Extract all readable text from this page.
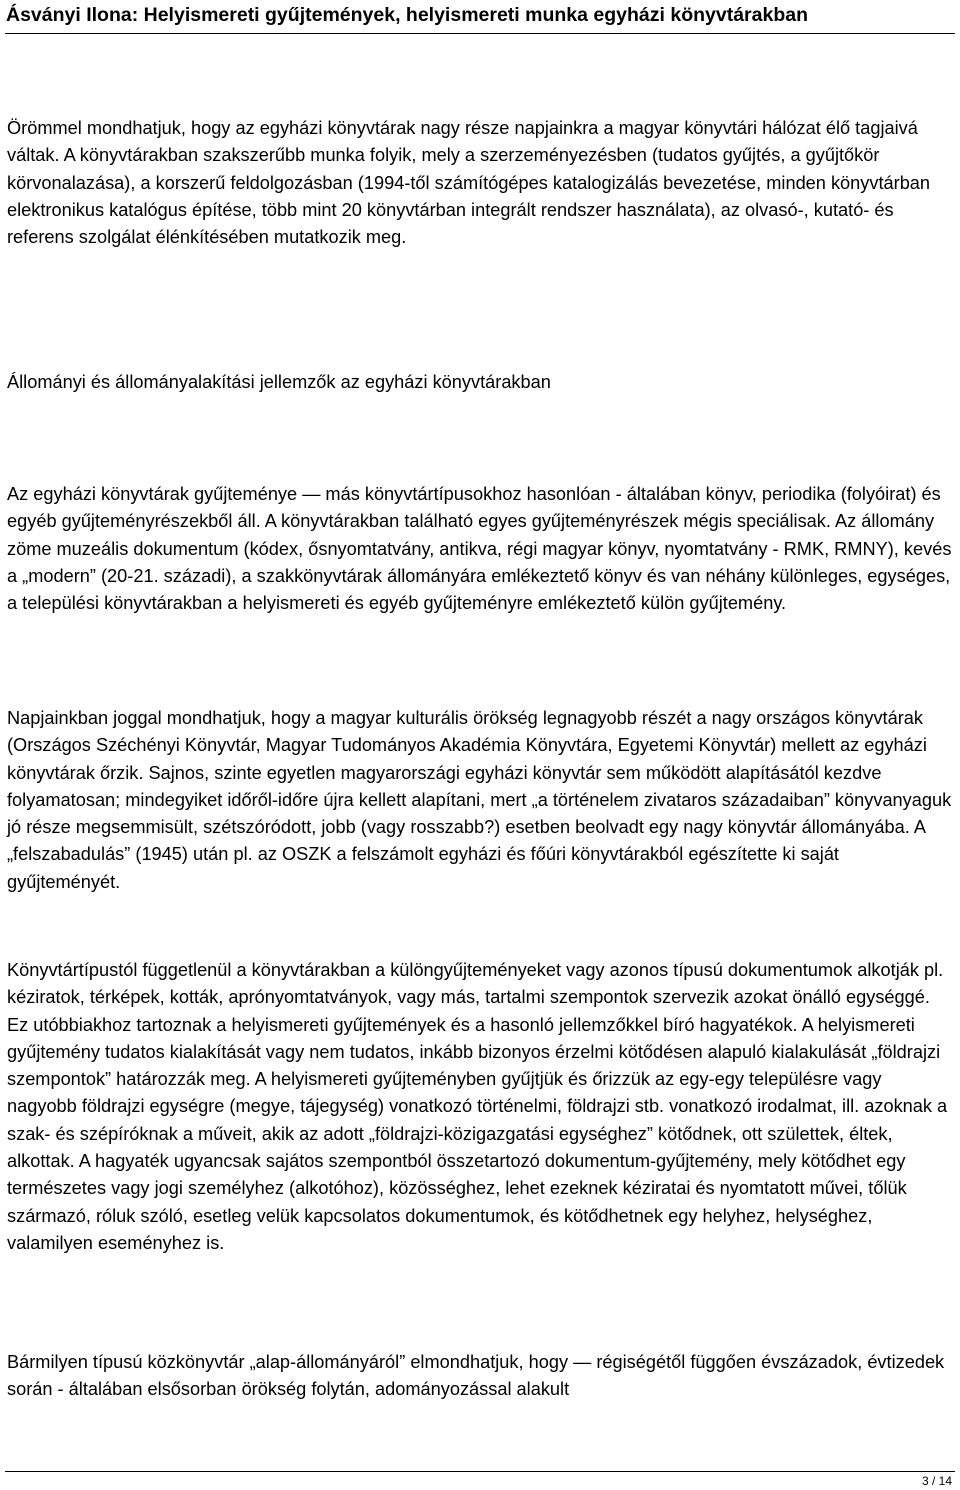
Ásványi Ilona: Helyismereti gyűjtemények, helyismereti munka egyházi könyvtárakban

Örömmel mondhatjuk, hogy az egyházi könyvtárak nagy része napjainkra a magyar könyvtári hálózat élő tagjaivá váltak. A könyvtárakban szakszerűbb munka folyik, mely a szerzeményezésben (tudatos gyűjtés, a gyűjtőkör körvonalazása), a korszerű feldolgozásban (1994-től számítógépes katalogizálás bevezetése, minden könyvtárban elektronikus katalógus építése, több mint 20 könyvtárban integrált rendszer használata), az olvasó-, kutató- és referens szolgálat élénkítésében mutatkozik meg.

Állományi és állományalakítási jellemzők az egyházi könyvtárakban

Az egyházi könyvtárak gyűjteménye ― más könyvtártípusokhoz hasonlóan - általában könyv, periodika (folyóirat) és egyéb gyűjteményrészekből áll. A könyvtárakban található egyes gyűjteményrészek mégis speciálisak. Az állomány zöme muzeális dokumentum (kódex, ősnyomtatvány, antikva, régi magyar könyv, nyomtatvány - RMK, RMNY), kevés a „modern” (20-21. századi), a szakkönyvtárak állományára emlékeztető könyv és van néhány különleges, egységes, a települési könyvtárakban a helyismereti és egyéb gyűjteményre emlékeztető külön gyűjtemény.

Napjainkban joggal mondhatjuk, hogy a magyar kulturális örökség legnagyobb részét a nagy országos könyvtárak (Országos Széchényi Könyvtár, Magyar Tudományos Akadémia Könyvtára, Egyetemi Könyvtár) mellett az egyházi könyvtárak őrzik. Sajnos, szinte egyetlen magyarországi egyházi könyvtár sem működött alapításától kezdve folyamatosan; mindegyiket időről-időre újra kellett alapítani, mert „a történelem zivataros századaiban” könyvanyaguk jó része megsemmisült, szétszóródott, jobb (vagy rosszabb?) esetben beolvadt egy nagy könyvtár állományába. A „felszabadulás” (1945) után pl. az OSZK a felszámolt egyházi és főúri könyvtárakból egészítette ki saját gyűjteményét.

Könyvtártípustól függetlenül a könyvtárakban a különgyűjteményeket vagy azonos típusú dokumentumok alkotják pl. kéziratok, térképek, kották, aprónyomtatványok, vagy más, tartalmi szempontok szervezik azokat önálló egységgé. Ez utóbbiakhoz tartoznak a helyismereti gyűjtemények és a hasonló jellemzőkkel bíró hagyatékok. A helyismereti gyűjtemény tudatos kialakítását vagy nem tudatos, inkább bizonyos érzelmi kötődésen alapuló kialakulását „földrajzi szempontok” határozzák meg. A helyismereti gyűjteményben gyűjtjük és őrizzük az egy-egy településre vagy nagyobb földrajzi egységre (megye, tájegység) vonatkozó történelmi, földrajzi stb. vonatkozó irodalmat, ill. azoknak a szak- és szépíróknak a műveit, akik az adott „földrajzi-közigazgatási egységhez” kötődnek, ott születtek, éltek, alkottak. A hagyaték ugyancsak sajátos szempontból összetartozó dokumentum-gyűjtemény, mely kötődhet egy természetes vagy jogi személyhez (alkotóhoz), közösséghez, lehet ezeknek kéziratai és nyomtatott művei, tőlük származó, róluk szóló, esetleg velük kapcsolatos dokumentumok, és kötődhetnek egy helyhez, helységhez, valamilyen eseményhez is.

Bármilyen típusú közkönyvtár „alap-állományáról” elmondhatjuk, hogy ― régiségétől függően évszázadok, évtizedek során - általában elsősorban örökség folytán, adományozással alakult

3 / 14
